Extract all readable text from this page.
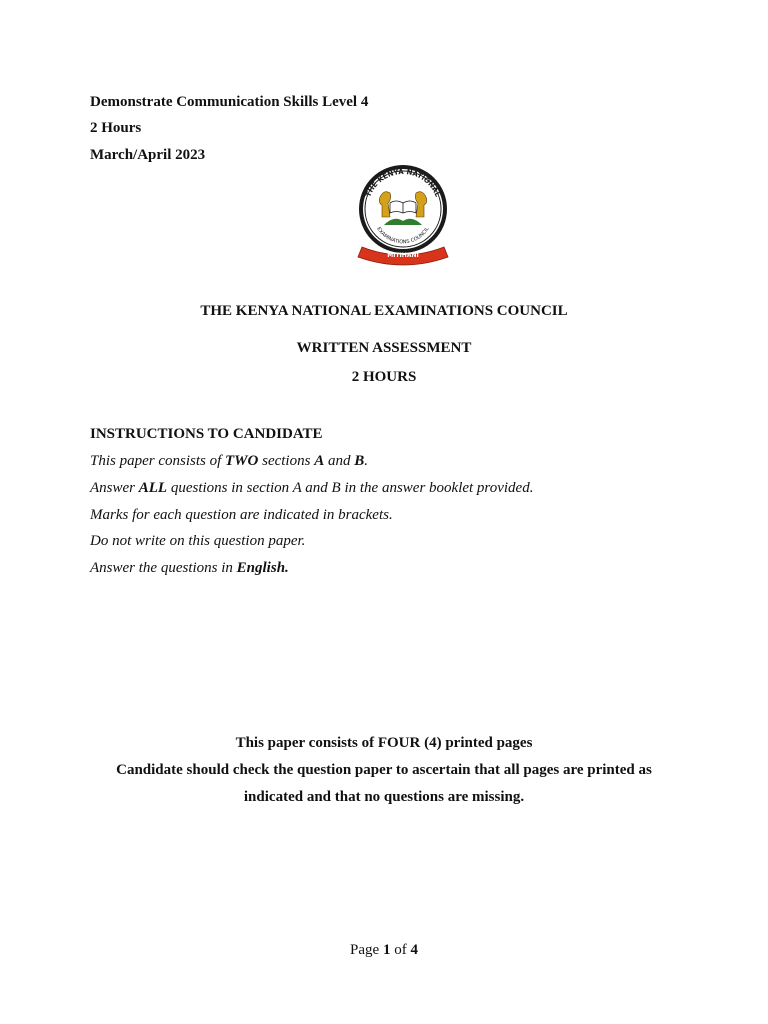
Demonstrate Communication Skills Level 4
2 Hours
March/April 2023
THE KENYA NATIONAL
EXAMINATIONS COUNCIL
MITIHANI
THE KENYA NATIONAL EXAMINATIONS COUNCIL
WRITTEN ASSESSMENT
2 HOURS
INSTRUCTIONS TO CANDIDATE
This paper consists of TWO sections A and B.
Answer ALL questions in section A and B in the answer booklet provided.
Marks for each question are indicated in brackets.
Do not write on this question paper.
Answer the questions in English.
This paper consists of FOUR (4) printed pages
Candidate should check the question paper to ascertain that all pages are printed as
indicated and that no questions are missing.
Page 1 of 4
